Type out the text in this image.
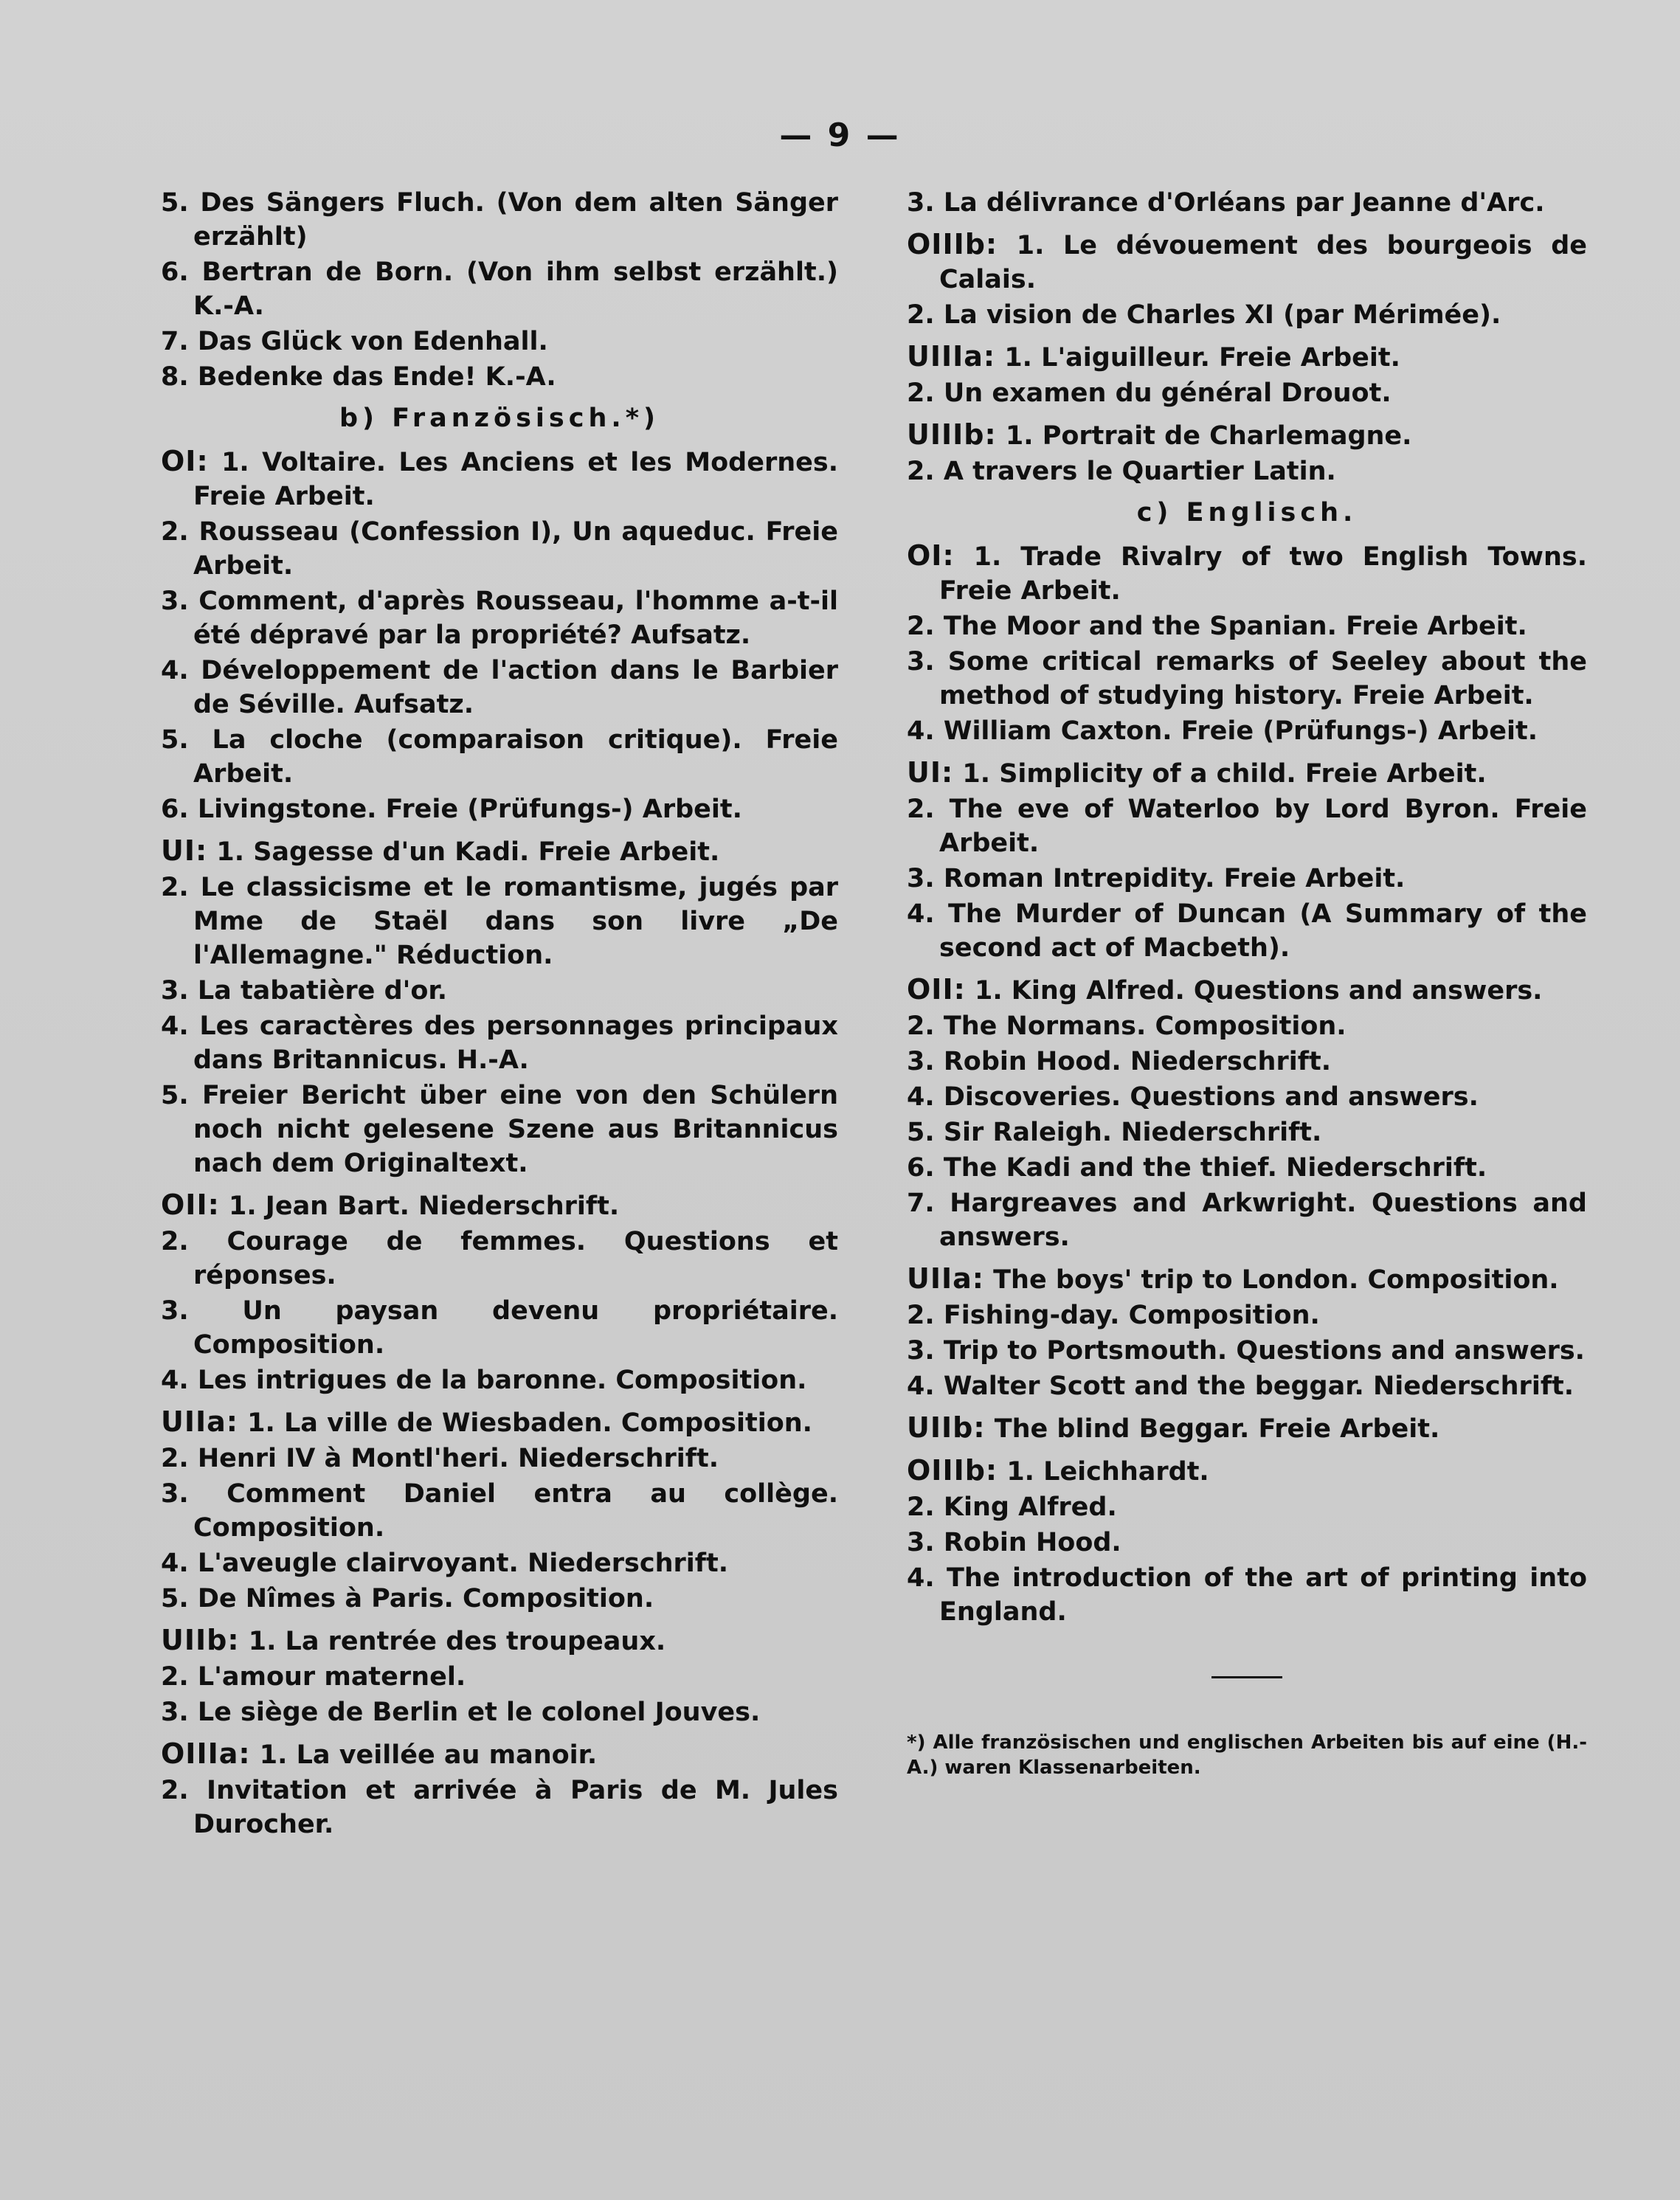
— 9 —

5. Des Sängers Fluch. (Von dem alten Sänger erzählt)

6. Bertran de Born. (Von ihm selbst erzählt.) K.-A.

7. Das Glück von Edenhall.

8. Bedenke das Ende! K.-A.

b) Französisch.*)

OI: 1. Voltaire. Les Anciens et les Modernes. Freie Arbeit.

2. Rousseau (Confession I), Un aqueduc. Freie Arbeit.

3. Comment, d'après Rousseau, l'homme a-t-il été dépravé par la propriété? Aufsatz.

4. Développement de l'action dans le Barbier de Séville. Aufsatz.

5. La cloche (comparaison critique). Freie Arbeit.

6. Livingstone. Freie (Prüfungs-) Arbeit.

UI: 1. Sagesse d'un Kadi. Freie Arbeit.

2. Le classicisme et le romantisme, jugés par Mme de Staël dans son livre „De l'Allemagne." Réduction.

3. La tabatière d'or.

4. Les caractères des personnages principaux dans Britannicus. H.-A.

5. Freier Bericht über eine von den Schülern noch nicht gelesene Szene aus Britannicus nach dem Originaltext.

OII: 1. Jean Bart. Niederschrift.

2. Courage de femmes. Questions et réponses.

3. Un paysan devenu propriétaire. Composition.

4. Les intrigues de la baronne. Composition.

UIIa: 1. La ville de Wiesbaden. Composition.

2. Henri IV à Montl'heri. Niederschrift.

3. Comment Daniel entra au collège. Composition.

4. L'aveugle clairvoyant. Niederschrift.

5. De Nîmes à Paris. Composition.

UIIb: 1. La rentrée des troupeaux.

2. L'amour maternel.

3. Le siège de Berlin et le colonel Jouves.

OIIIa: 1. La veillée au manoir.

2. Invitation et arrivée à Paris de M. Jules Durocher.

3. La délivrance d'Orléans par Jeanne d'Arc.

OIIIb: 1. Le dévouement des bourgeois de Calais.

2. La vision de Charles XI (par Mérimée).

UIIIa: 1. L'aiguilleur. Freie Arbeit.

2. Un examen du général Drouot.

UIIIb: 1. Portrait de Charlemagne.

2. A travers le Quartier Latin.

c) Englisch.

OI: 1. Trade Rivalry of two English Towns. Freie Arbeit.

2. The Moor and the Spanian. Freie Arbeit.

3. Some critical remarks of Seeley about the method of studying history. Freie Arbeit.

4. William Caxton. Freie (Prüfungs-) Arbeit.

UI: 1. Simplicity of a child. Freie Arbeit.

2. The eve of Waterloo by Lord Byron. Freie Arbeit.

3. Roman Intrepidity. Freie Arbeit.

4. The Murder of Duncan (A Summary of the second act of Macbeth).

OII: 1. King Alfred. Questions and answers.

2. The Normans. Composition.

3. Robin Hood. Niederschrift.

4. Discoveries. Questions and answers.

5. Sir Raleigh. Niederschrift.

6. The Kadi and the thief. Niederschrift.

7. Hargreaves and Arkwright. Questions and answers.

UIIa: The boys' trip to London. Composition.

2. Fishing-day. Composition.

3. Trip to Portsmouth. Questions and answers.

4. Walter Scott and the beggar. Niederschrift.

UIIb: The blind Beggar. Freie Arbeit.

OIIIb: 1. Leichhardt.

2. King Alfred.

3. Robin Hood.

4. The introduction of the art of printing into England.

*) Alle französischen und englischen Arbeiten bis auf eine (H.-A.) waren Klassenarbeiten.
